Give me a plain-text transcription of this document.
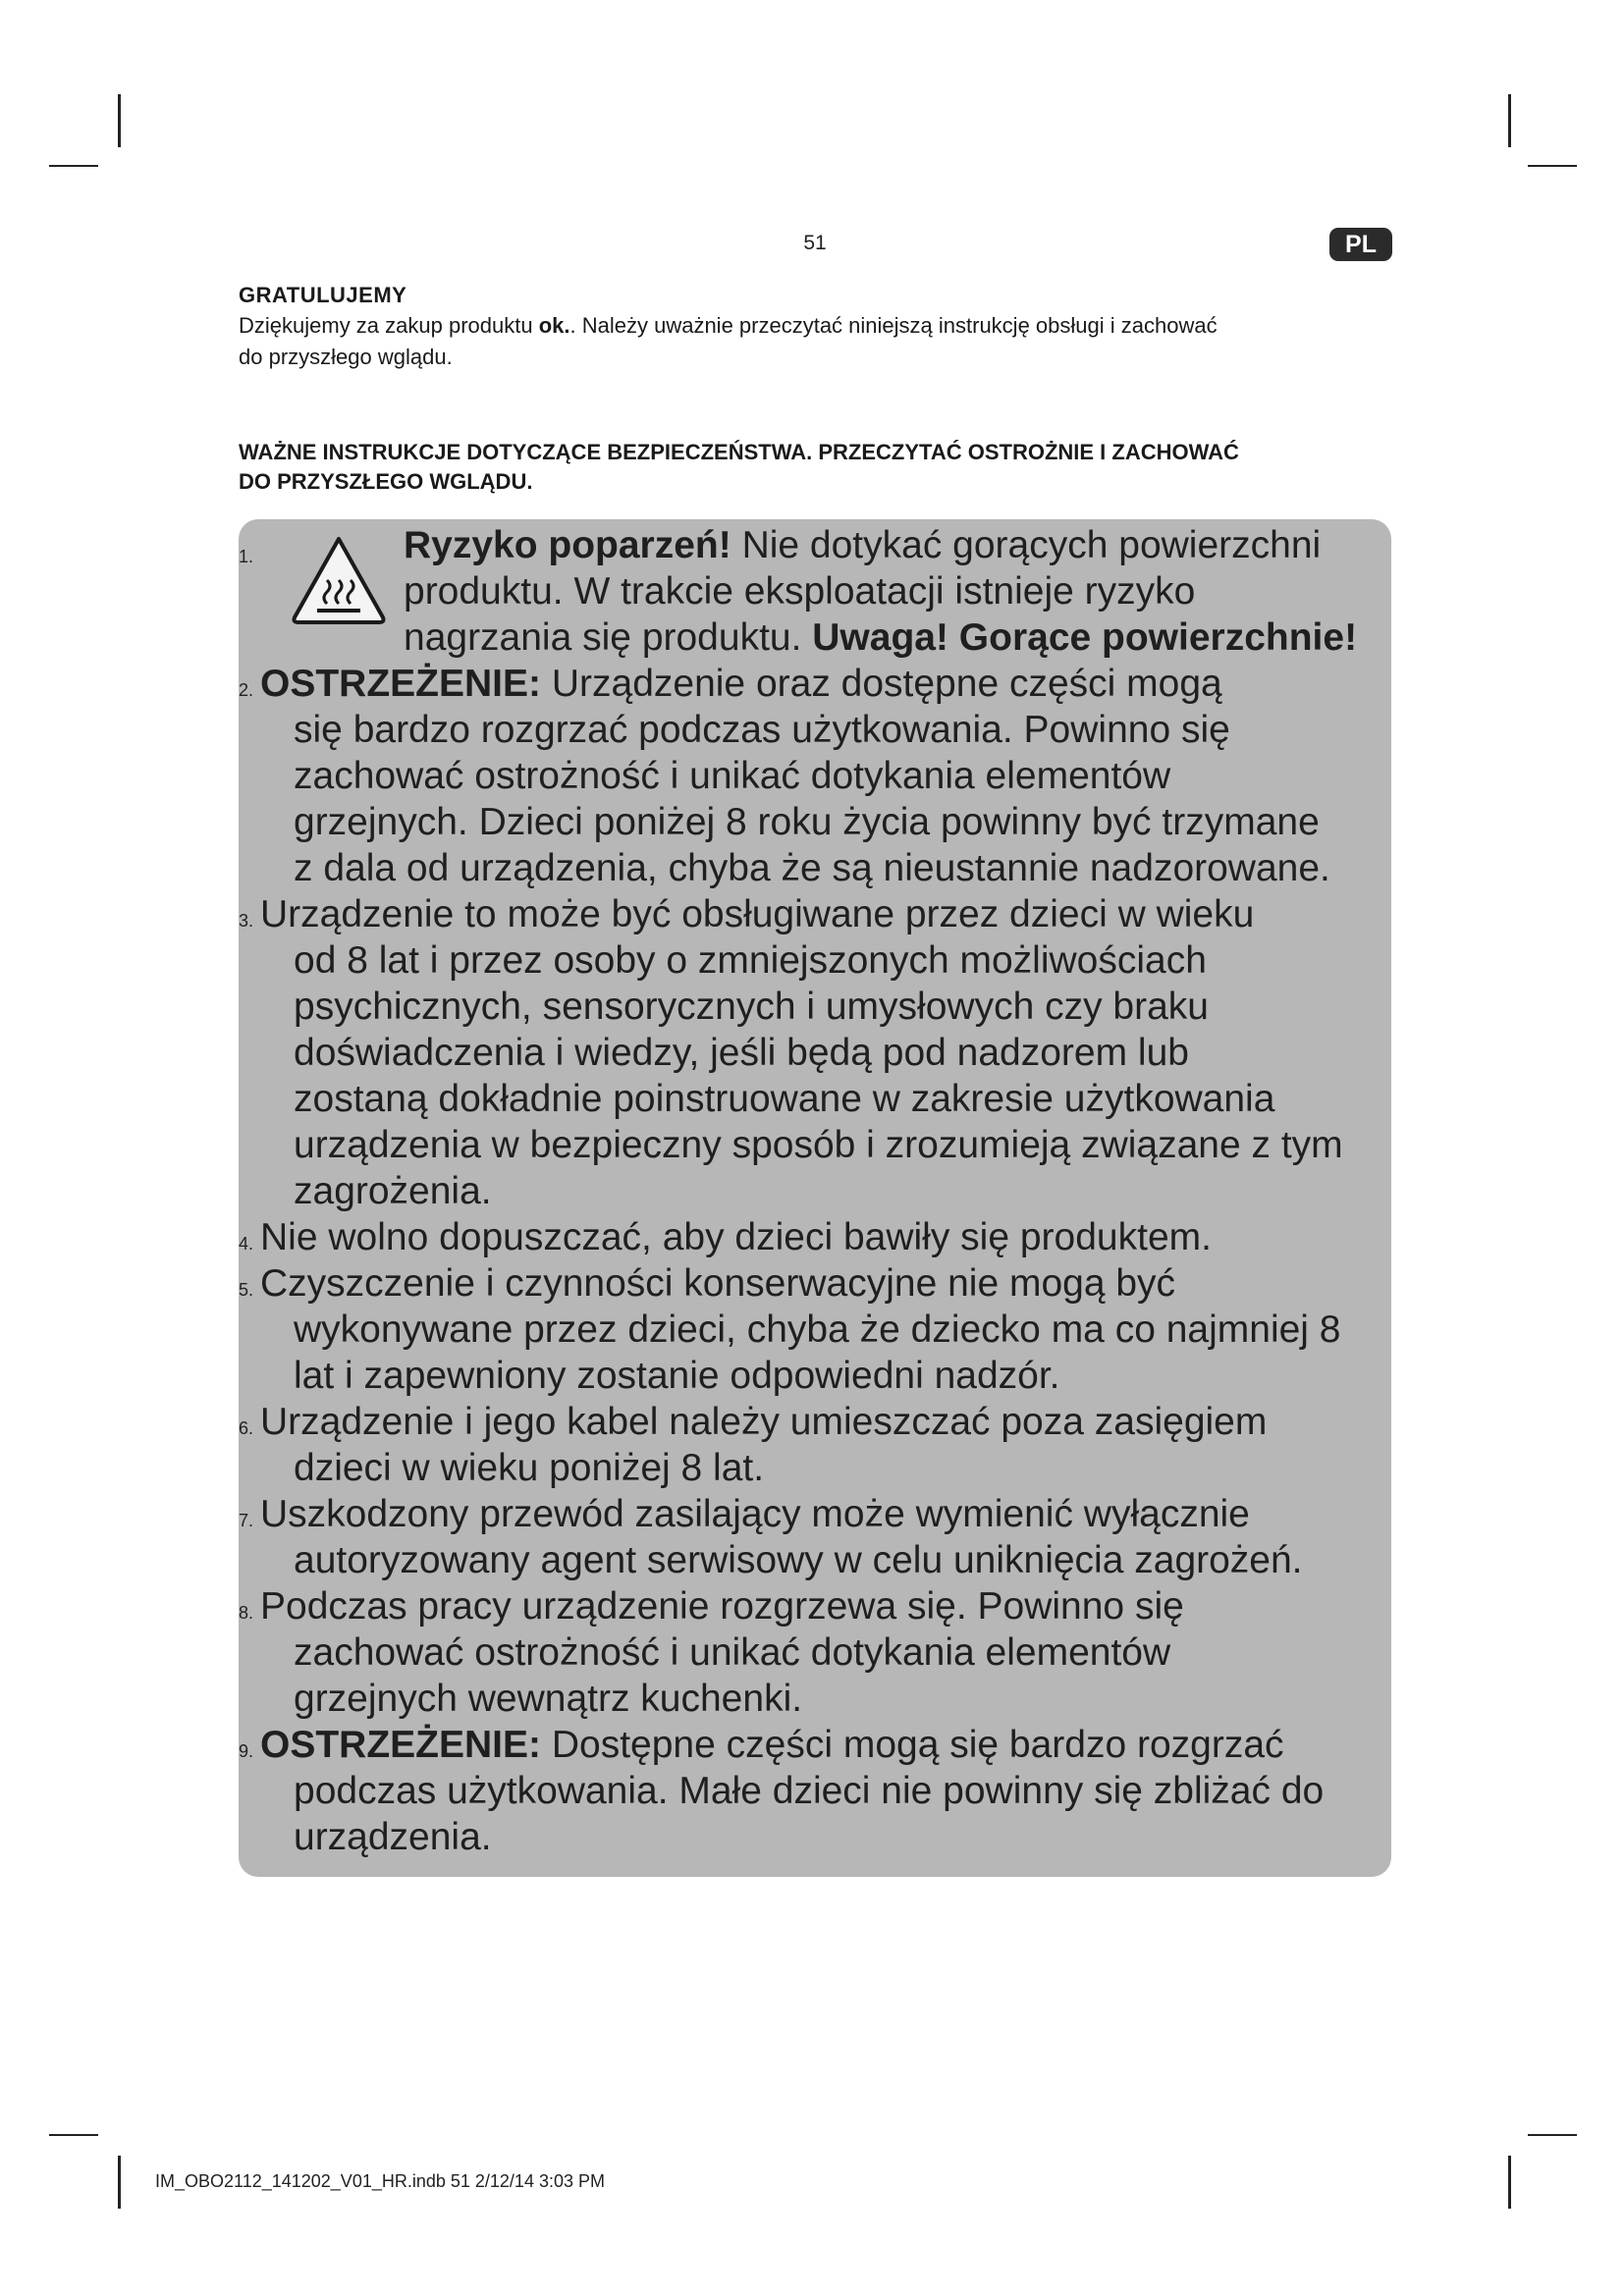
51	PL

GRATULUJEMY

Dziękujemy za zakup produktu ok.. Należy uważnie przeczytać niniejszą instrukcję obsługi i zachować
do przyszłego wglądu.

WAŻNE INSTRUKCJE DOTYCZĄCE BEZPIECZEŃSTWA. PRZECZYTAĆ OSTROŻNIE I ZACHOWAĆ
DO PRZYSZŁEGO WGLĄDU.
1.	Ryzyko poparzeń! Nie dotykać gorących powierzchni
produktu. W trakcie eksploatacji istnieje ryzyko
nagrzania się produktu. Uwaga! Gorące powierzchnie!
2. OSTRZEŻENIE: Urządzenie oraz dostępne części mogą
się bardzo rozgrzać podczas użytkowania. Powinno się
zachować ostrożność i unikać dotykania elementów
grzejnych. Dzieci poniżej 8 roku życia powinny być trzymane
z dala od urządzenia, chyba że są nieustannie nadzorowane.
3. Urządzenie to może być obsługiwane przez dzieci w wieku
od 8 lat i przez osoby o zmniejszonych możliwościach
psychicznych, sensorycznych i umysłowych czy braku
doświadczenia i wiedzy, jeśli będą pod nadzorem lub
zostaną dokładnie poinstruowane w zakresie użytkowania
urządzenia w bezpieczny sposób i zrozumieją związane z tym
zagrożenia.
4. Nie wolno dopuszczać, aby dzieci bawiły się produktem.
5. Czyszczenie i czynności konserwacyjne nie mogą być
wykonywane przez dzieci, chyba że dziecko ma co najmniej 8
lat i zapewniony zostanie odpowiedni nadzór.
6. Urządzenie i jego kabel należy umieszczać poza zasięgiem
dzieci w wieku poniżej 8 lat.
7. Uszkodzony przewód zasilający może wymienić wyłącznie
autoryzowany agent serwisowy w celu uniknięcia zagrożeń.
8. Podczas pracy urządzenie rozgrzewa się. Powinno się
zachować ostrożność i unikać dotykania elementów
grzejnych wewnątrz kuchenki.
9. OSTRZEŻENIE: Dostępne części mogą się bardzo rozgrzać
podczas użytkowania. Małe dzieci nie powinny się zbliżać do
urządzenia.
IM_OBO2112_141202_V01_HR.indb 51 2/12/14 3:03 PM
